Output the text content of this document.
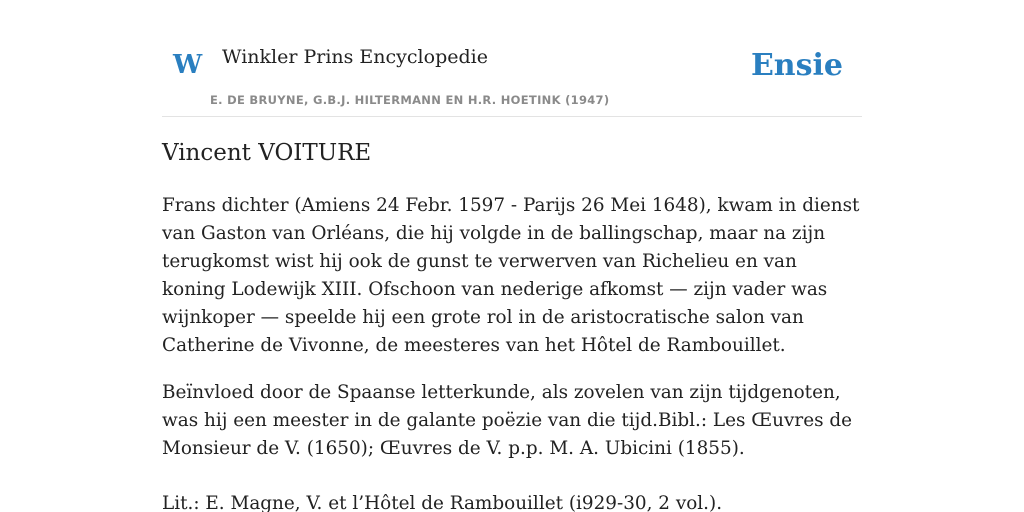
W Winkler Prins Encyclopedie
E. DE BRUYNE, G.B.J. HILTERMANN EN H.R. HOETINK (1947)
Ensie
Vincent VOITURE

Frans dichter (Amiens 24 Febr. 1597 - Parijs 26 Mei 1648), kwam in dienst van Gaston van Orléans, die hij volgde in de ballingschap, maar na zijn terugkomst wist hij ook de gunst te verwerven van Richelieu en van koning Lodewijk XIII. Ofschoon van nederige afkomst — zijn vader was wijnkoper — speelde hij een grote rol in de aristocratische salon van Catherine de Vivonne, de meesteres van het Hôtel de Rambouillet.

Beïnvloed door de Spaanse letterkunde, als zovelen van zijn tijdgenoten, was hij een meester in de galante poëzie van die tijd.Bibl.: Les Œuvres de Monsieur de V. (1650); Œuvres de V. p.p. M. A. Ubicini (1855).

Lit.: E. Magne, V. et l’Hôtel de Rambouillet (i929-30, 2 vol.).
